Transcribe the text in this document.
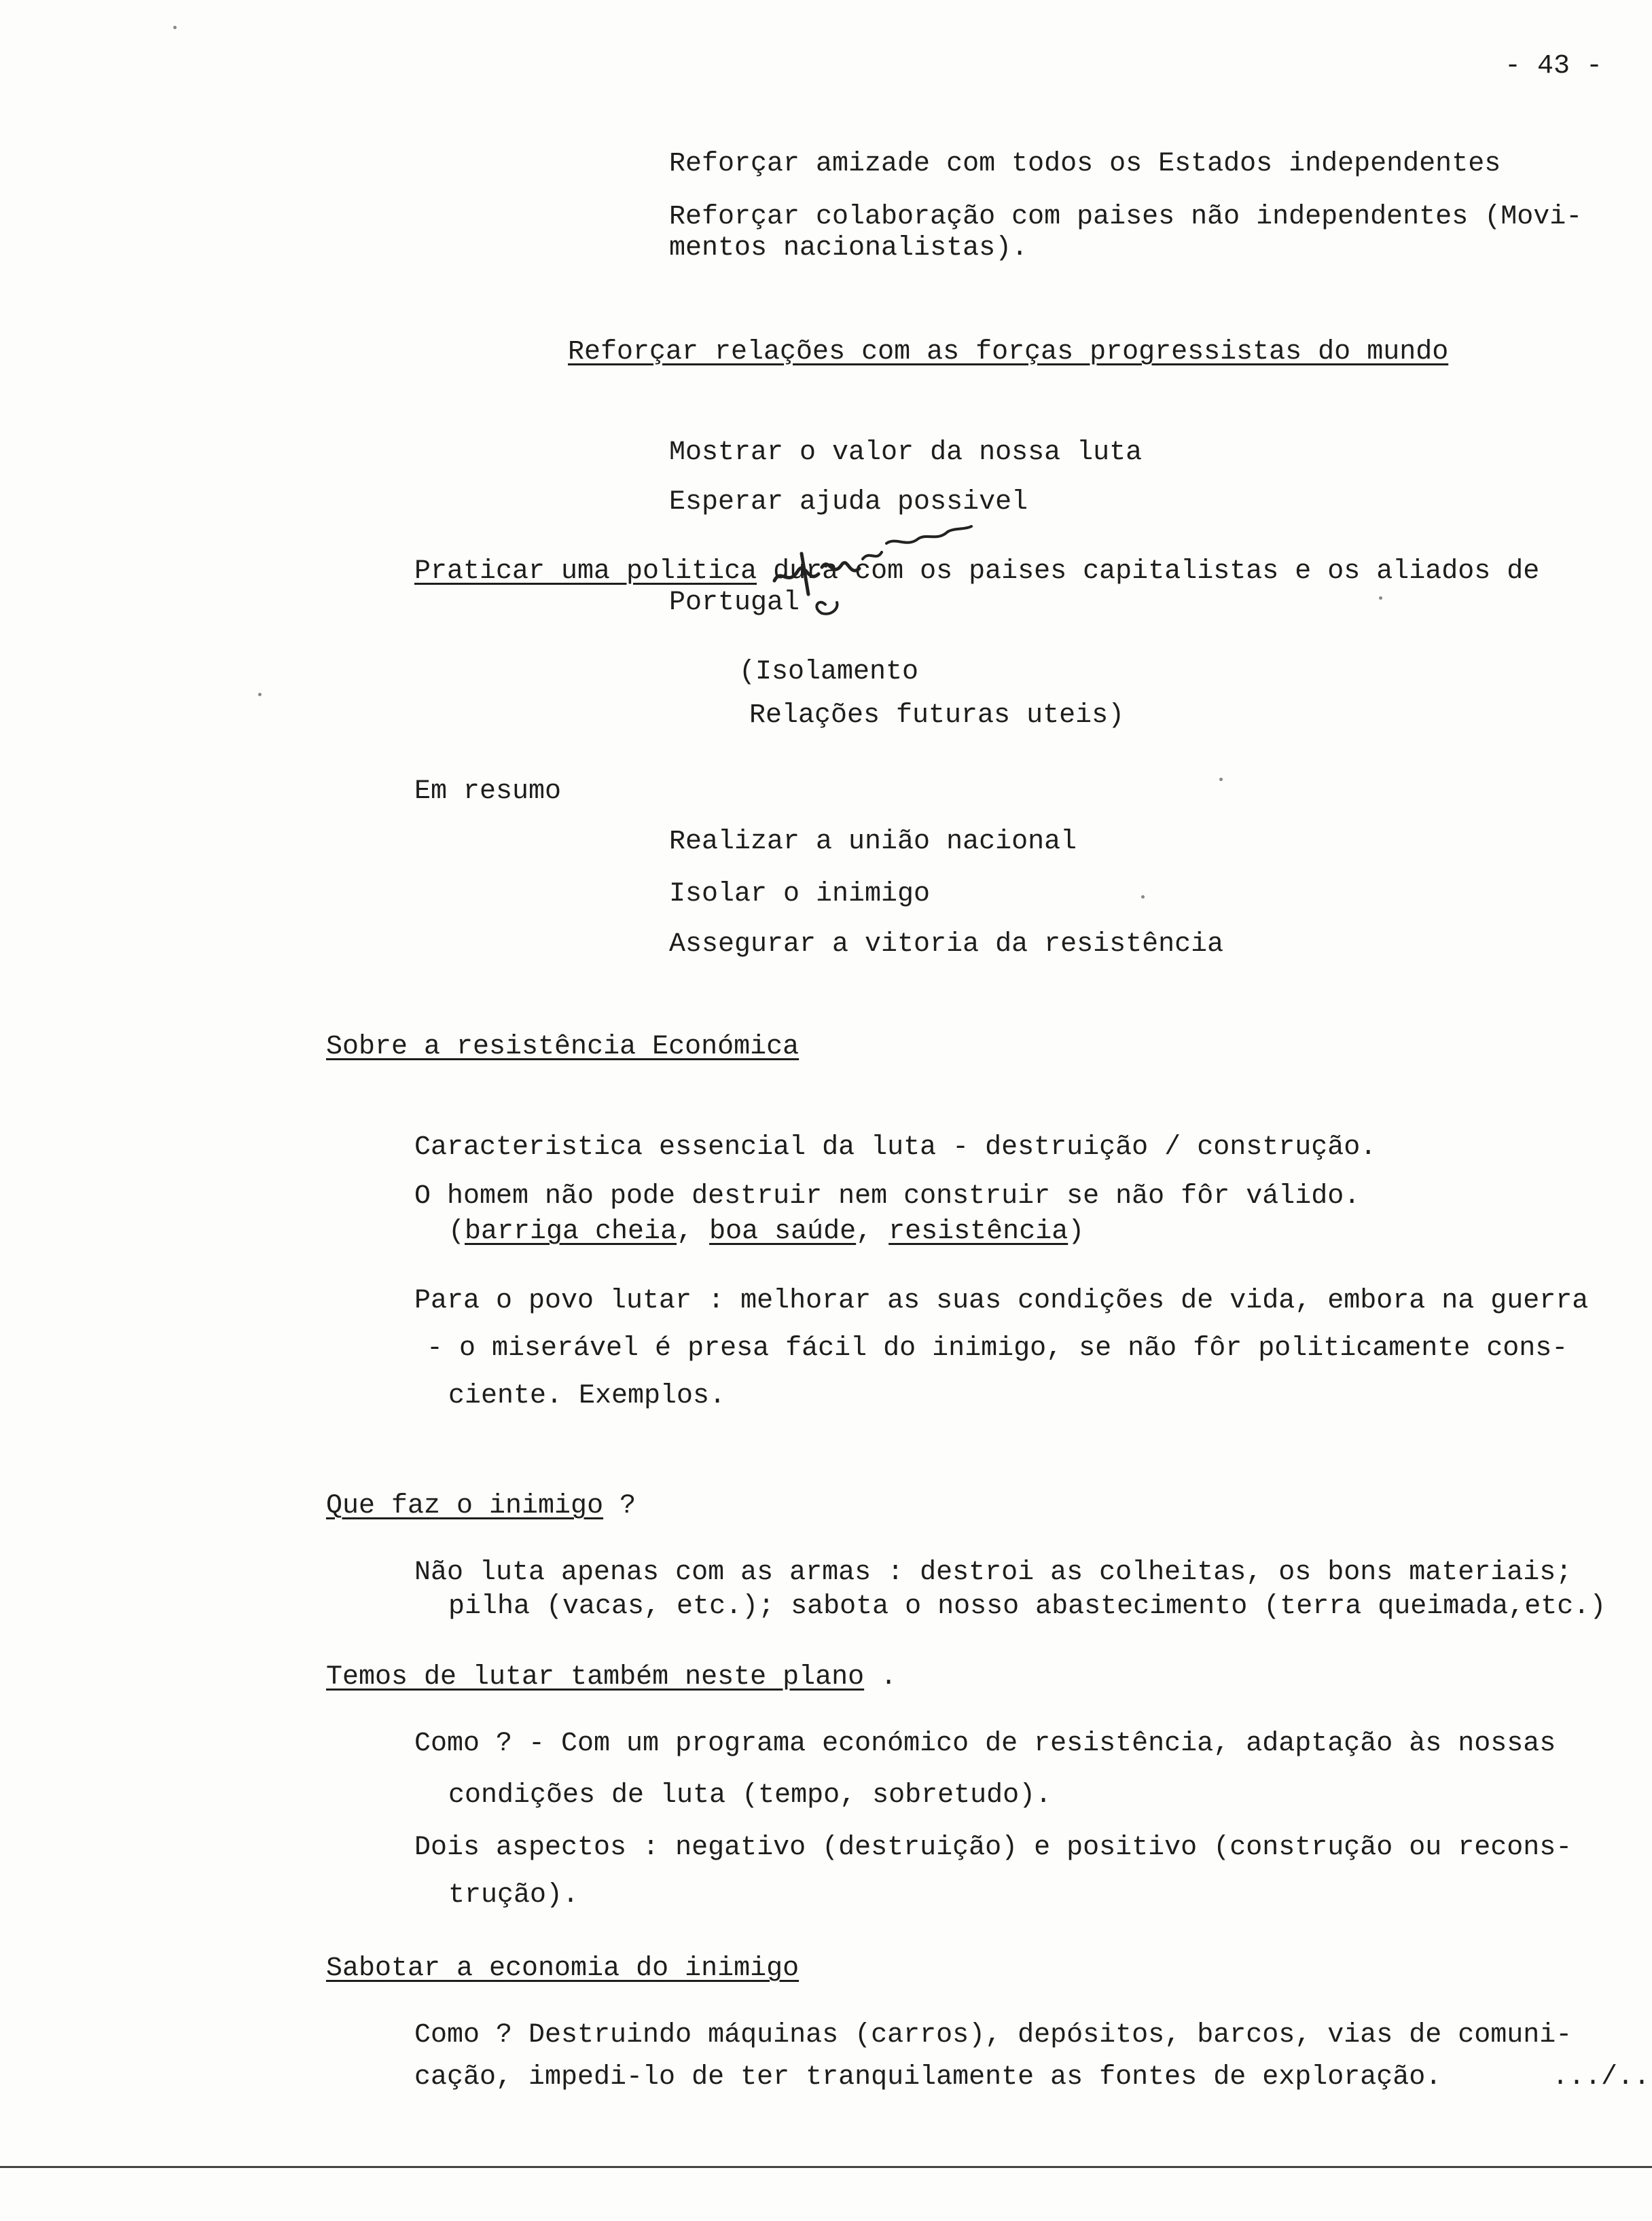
- 43 -
Reforçar amizade com todos os Estados independentes
Reforçar colaboração com paises não independentes (Movi-
mentos nacionalistas).
Reforçar relações com as forças progressistas do mundo
Mostrar o valor da nossa luta
Esperar ajuda possivel
Praticar uma politica dura com os paises capitalistas e os aliados de
Portugal
(Isolamento
Relações futuras uteis)
Em resumo
Realizar a união nacional
Isolar o inimigo
Assegurar a vitoria da resistência
Sobre a resistência Económica
Caracteristica essencial da luta - destruição / construção.
O homem não pode destruir nem construir se não fôr válido.
(barriga cheia, boa saúde, resistência)
Para o povo lutar : melhorar as suas condições de vida, embora na guerra
- o miserável é presa fácil do inimigo, se não fôr politicamente cons-
ciente. Exemplos.
Que faz o inimigo ?
Não luta apenas com as armas : destroi as colheitas, os bons materiais;
pilha (vacas, etc.); sabota o nosso abastecimento (terra queimada,etc.)
Temos de lutar também neste plano .
Como ? - Com um programa económico de resistência, adaptação às nossas
condições de luta (tempo, sobretudo).
Dois aspectos : negativo (destruição) e positivo (construção ou recons-
trução).
Sabotar a economia do inimigo
Como ? Destruindo máquinas (carros), depósitos, barcos, vias de comuni-
cação, impedi-lo de ter tranquilamente as fontes de exploração.	.../..
